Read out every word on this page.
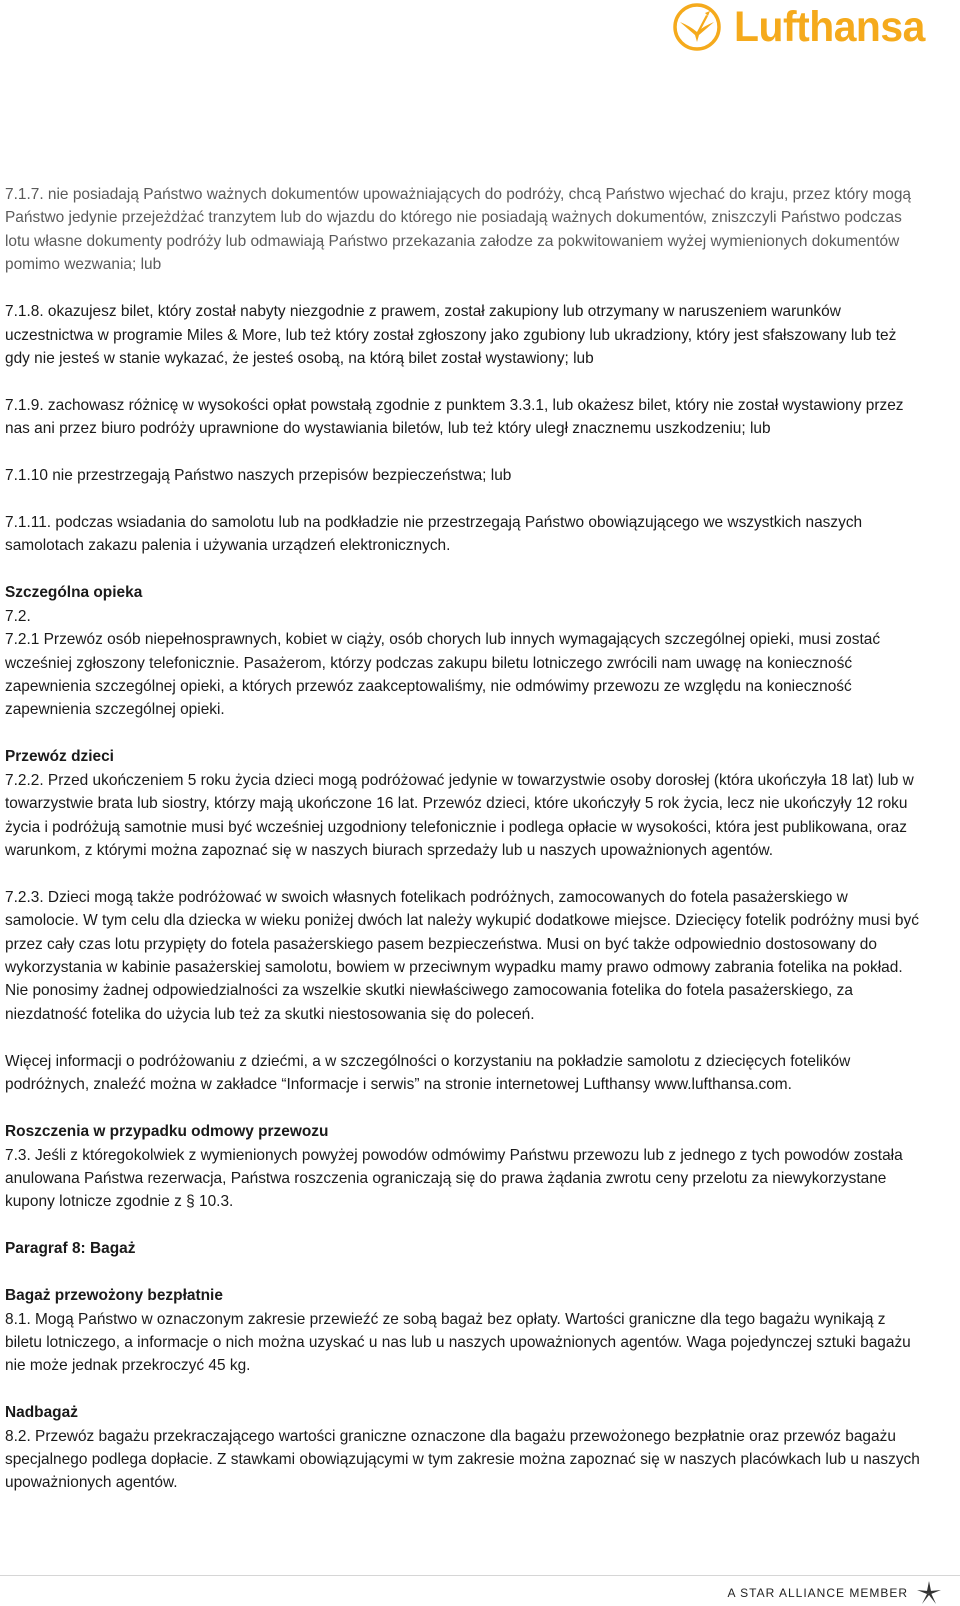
Lufthansa
7.1.7. nie posiadają Państwo ważnych dokumentów upoważniających do podróży, chcą Państwo wjechać do kraju, przez który mogą Państwo jedynie przejeżdżać tranzytem lub do wjazdu do którego nie posiadają ważnych dokumentów, zniszczyli Państwo podczas lotu własne dokumenty podróży lub odmawiają Państwo przekazania załodze za pokwitowaniem wyżej wymienionych dokumentów pomimo wezwania; lub
7.1.8. okazujesz bilet, który został nabyty niezgodnie z prawem, został zakupiony lub otrzymany w naruszeniem warunków uczestnictwa w programie Miles & More, lub też który został zgłoszony jako zgubiony lub ukradziony, który jest sfałszowany lub też gdy nie jesteś w stanie wykazać, że jesteś osobą, na którą bilet został wystawiony; lub
7.1.9. zachowasz różnicę w wysokości opłat powstałą zgodnie z punktem 3.3.1, lub okażesz bilet, który nie został wystawiony przez nas ani przez biuro podróży uprawnione do wystawiania biletów, lub też który uległ znacznemu uszkodzeniu; lub
7.1.10 nie przestrzegają Państwo naszych przepisów bezpieczeństwa; lub
7.1.11. podczas wsiadania do samolotu lub na podkładzie nie przestrzegają Państwo obowiązującego we wszystkich naszych samolotach zakazu palenia i używania urządzeń elektronicznych.
Szczególna opieka
7.2.
7.2.1 Przewóz osób niepełnosprawnych, kobiet w ciąży, osób chorych lub innych wymagających szczególnej opieki, musi zostać wcześniej zgłoszony telefonicznie. Pasażerom, którzy podczas zakupu biletu lotniczego zwrócili nam uwagę na konieczność zapewnienia szczególnej opieki, a których przewóz zaakceptowaliśmy, nie odmówimy przewozu ze względu na konieczność zapewnienia szczególnej opieki.
Przewóz dzieci
7.2.2. Przed ukończeniem 5 roku życia dzieci mogą podróżować jedynie w towarzystwie osoby dorosłej (która ukończyła 18 lat) lub w towarzystwie brata lub siostry, którzy mają ukończone 16 lat. Przewóz dzieci, które ukończyły 5 rok życia, lecz nie ukończyły 12 roku życia i podróżują samotnie musi być wcześniej uzgodniony telefonicznie i podlega opłacie w wysokości, która jest publikowana, oraz warunkom, z którymi można zapoznać się w naszych biurach sprzedaży lub u naszych upoważnionych agentów.
7.2.3. Dzieci mogą także podróżować w swoich własnych fotelikach podróżnych, zamocowanych do fotela pasażerskiego w samolocie. W tym celu dla dziecka w wieku poniżej dwóch lat należy wykupić dodatkowe miejsce. Dziecięcy fotelik podróżny musi być przez cały czas lotu przypięty do fotela pasażerskiego pasem bezpieczeństwa. Musi on być także odpowiednio dostosowany do wykorzystania w kabinie pasażerskiej samolotu, bowiem w przeciwnym wypadku mamy prawo odmowy zabrania fotelika na pokład. Nie ponosimy żadnej odpowiedzialności za wszelkie skutki niewłaściwego zamocowania fotelika do fotela pasażerskiego, za niezdatność fotelika do użycia lub też za skutki niestosowania się do poleceń.
Więcej informacji o podróżowaniu z dziećmi, a w szczególności o korzystaniu na pokładzie samolotu z dziecięcych fotelików podróżnych, znaleźć można w zakładce “Informacje i serwis” na stronie internetowej Lufthansy www.lufthansa.com.
Roszczenia w przypadku odmowy przewozu
7.3. Jeśli z któregokolwiek z wymienionych powyżej powodów odmówimy Państwu przewozu lub z jednego z tych powodów została anulowana Państwa rezerwacja, Państwa roszczenia ograniczają się do prawa żądania zwrotu ceny przelotu za niewykorzystane kupony lotnicze zgodnie z § 10.3.
Paragraf 8: Bagaż
Bagaż przewożony bezpłatnie
8.1. Mogą Państwo w oznaczonym zakresie przewieźć ze sobą bagaż bez opłaty. Wartości graniczne dla tego bagażu wynikają z biletu lotniczego, a informacje o nich można uzyskać u nas lub u naszych upoważnionych agentów. Waga pojedynczej sztuki bagażu nie może jednak przekroczyć 45 kg.
Nadbagaż
8.2. Przewóz bagażu przekraczającego wartości graniczne oznaczone dla bagażu przewożonego bezpłatnie oraz przewóz bagażu specjalnego podlega dopłacie. Z stawkami obowiązującymi w tym zakresie można zapoznać się w naszych placówkach lub u naszych upoważnionych agentów.
A STAR ALLIANCE MEMBER
